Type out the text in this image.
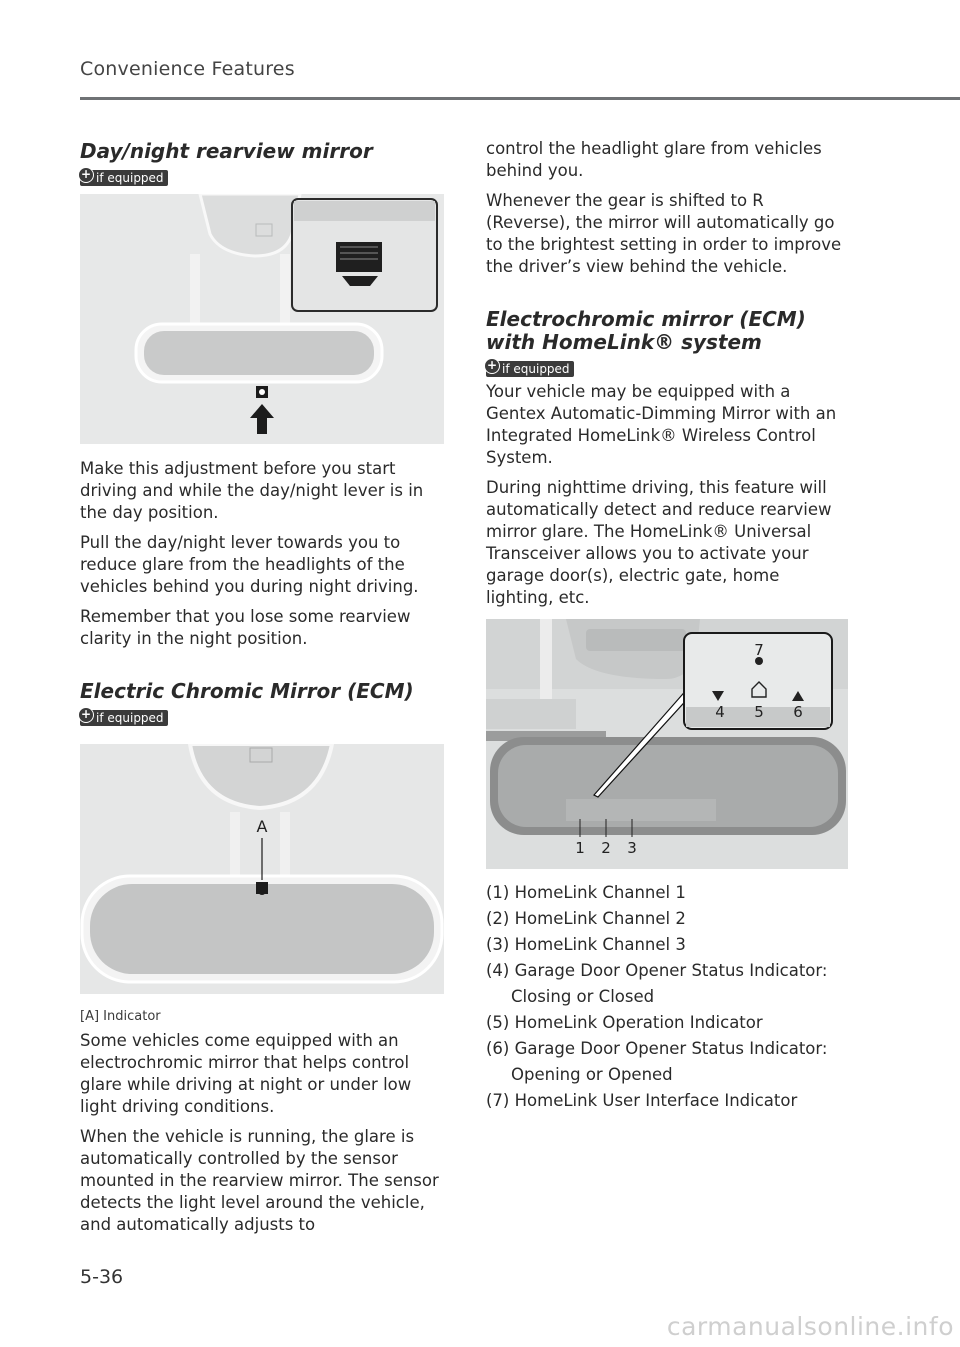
Convenience Features
Day/night rearview mirror
+ if equipped

Make this adjustment before you start driving and while the day/night lever is in the day position.

Pull the day/night lever towards you to reduce glare from the headlights of the vehicles behind you during night driving.

Remember that you lose some rearview clarity in the night position.

Electric Chromic Mirror (ECM)
+ if equipped
A

[A] Indicator

Some vehicles come equipped with an electrochromic mirror that helps control glare while driving at night or under low light driving conditions.

When the vehicle is running, the glare is automatically controlled by the sensor mounted in the rearview mirror. The sensor detects the light level around the vehicle, and automatically adjusts to

control the headlight glare from vehicles behind you.

Whenever the gear is shifted to R (Reverse), the mirror will automatically go to the brightest setting in order to improve the driver’s view behind the vehicle.

Electrochromic mirror (ECM) with HomeLink® system
+ if equipped

Your vehicle may be equipped with a Gentex Automatic-Dimming Mirror with an Integrated HomeLink® Wireless Control System.

During nighttime driving, this feature will automatically detect and reduce rearview mirror glare. The HomeLink® Universal Transceiver allows you to activate your garage door(s), electric gate, home lighting, etc.

7
4 5 6
1 2 3

(1) HomeLink Channel 1

(2) HomeLink Channel 2

(3) HomeLink Channel 3

(4) Garage Door Opener Status Indicator:

Closing or Closed

(5) HomeLink Operation Indicator

(6) Garage Door Opener Status Indicator:

Opening or Opened

(7) HomeLink User Interface Indicator

5-36
carmanualsonline.info
